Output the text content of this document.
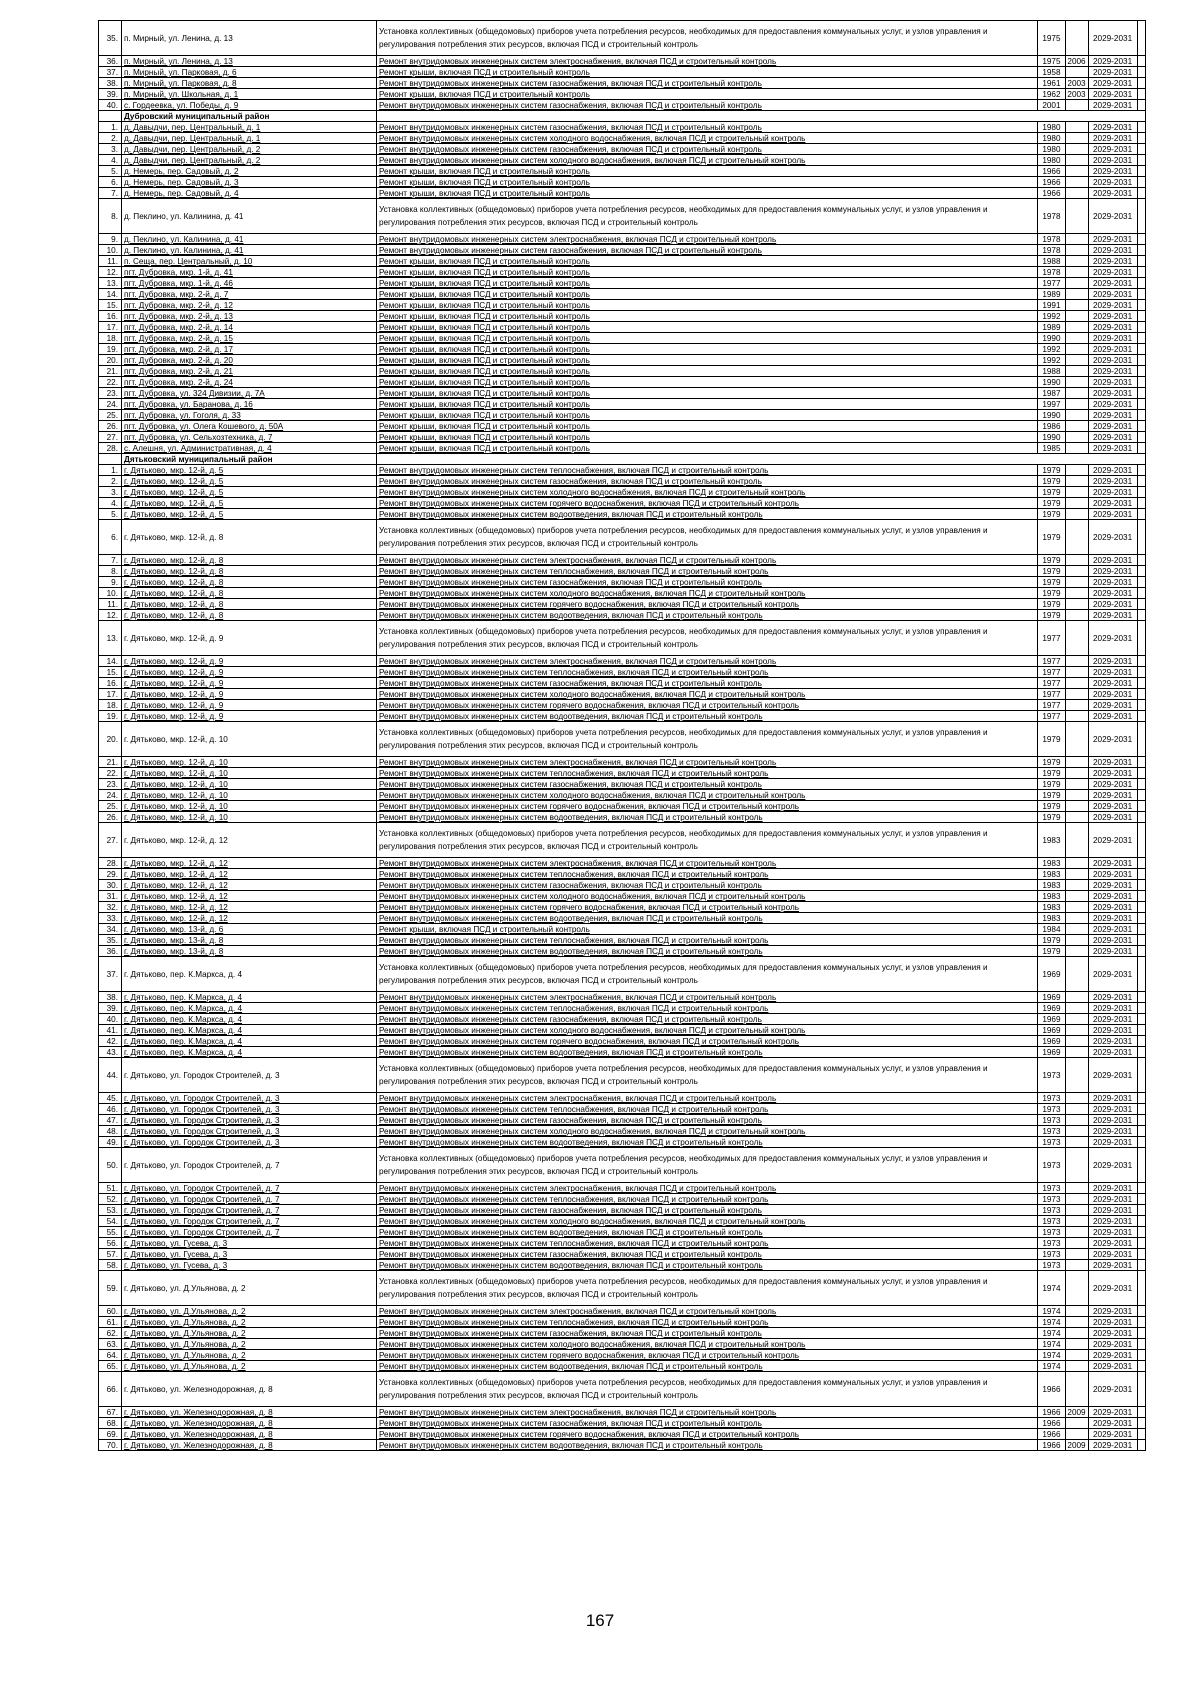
35.	п. Мирный, ул. Ленина, д. 13	Установка коллективных (общедомовых) приборов учета потребления ресурсов, необходимых для предоставления коммунальных услуг, и узлов управления и регулирования потребления этих ресурсов, включая ПСД и строительный контроль	1975		2029-2031	
36.	п. Мирный, ул. Ленина, д. 13	Ремонт внутридомовых инженерных систем электроснабжения, включая ПСД и строительный контроль	1975	2006	2029-2031	
37.	п. Мирный, ул. Парковая, д. 6	Ремонт крыши, включая ПСД и строительный контроль	1958		2029-2031	
38.	п. Мирный, ул. Парковая, д. 8	Ремонт внутридомовых инженерных систем газоснабжения, включая ПСД и строительный контроль	1961	2003	2029-2031	
39.	п. Мирный, ул. Школьная, д. 1	Ремонт крыши, включая ПСД и строительный контроль	1962	2003	2029-2031	
40.	с. Гордеевка, ул. Победы, д. 9	Ремонт внутридомовых инженерных систем газоснабжения, включая ПСД и строительный контроль	2001		2029-2031	
	Дубровский муниципальный район					
1.	д. Давыдчи, пер. Центральный, д. 1	Ремонт внутридомовых инженерных систем газоснабжения, включая ПСД и строительный контроль	1980		2029-2031	
2.	д. Давыдчи, пер. Центральный, д. 1	Ремонт внутридомовых инженерных систем холодного водоснабжения, включая ПСД и строительный контроль	1980		2029-2031	
3.	д. Давыдчи, пер. Центральный, д. 2	Ремонт внутридомовых инженерных систем газоснабжения, включая ПСД и строительный контроль	1980		2029-2031	
4.	д. Давыдчи, пер. Центральный, д. 2	Ремонт внутридомовых инженерных систем холодного водоснабжения, включая ПСД и строительный контроль	1980		2029-2031	
5.	д. Немерь, пер. Садовый, д. 2	Ремонт крыши, включая ПСД и строительный контроль	1966		2029-2031	
6.	д. Немерь, пер. Садовый, д. 3	Ремонт крыши, включая ПСД и строительный контроль	1966		2029-2031	
7.	д. Немерь, пер. Садовый, д. 4	Ремонт крыши, включая ПСД и строительный контроль	1966		2029-2031	
8.	д. Пеклино, ул. Калинина, д. 41	Установка коллективных (общедомовых) приборов учета потребления ресурсов, необходимых для предоставления коммунальных услуг, и узлов управления и регулирования потребления этих ресурсов, включая ПСД и строительный контроль	1978		2029-2031	
9.	д. Пеклино, ул. Калинина, д. 41	Ремонт внутридомовых инженерных систем электроснабжения, включая ПСД и строительный контроль	1978		2029-2031	
10.	д. Пеклино, ул. Калинина, д. 41	Ремонт внутридомовых инженерных систем газоснабжения, включая ПСД и строительный контроль	1978		2029-2031	
11.	п. Сеща, пер. Центральный, д. 10	Ремонт крыши, включая ПСД и строительный контроль	1988		2029-2031	
12.	пгт. Дубровка, мкр. 1-й, д. 41	Ремонт крыши, включая ПСД и строительный контроль	1978		2029-2031	
13.	пгт. Дубровка, мкр. 1-й, д. 46	Ремонт крыши, включая ПСД и строительный контроль	1977		2029-2031	
14.	пгт. Дубровка, мкр. 2-й, д. 7	Ремонт крыши, включая ПСД и строительный контроль	1989		2029-2031	
15.	пгт. Дубровка, мкр. 2-й, д. 12	Ремонт крыши, включая ПСД и строительный контроль	1991		2029-2031	
16.	пгт. Дубровка, мкр. 2-й, д. 13	Ремонт крыши, включая ПСД и строительный контроль	1992		2029-2031	
17.	пгт. Дубровка, мкр. 2-й, д. 14	Ремонт крыши, включая ПСД и строительный контроль	1989		2029-2031	
18.	пгт. Дубровка, мкр. 2-й, д. 15	Ремонт крыши, включая ПСД и строительный контроль	1990		2029-2031	
19.	пгт. Дубровка, мкр. 2-й, д. 17	Ремонт крыши, включая ПСД и строительный контроль	1992		2029-2031	
20.	пгт. Дубровка, мкр. 2-й, д. 20	Ремонт крыши, включая ПСД и строительный контроль	1992		2029-2031	
21.	пгт. Дубровка, мкр. 2-й, д. 21	Ремонт крыши, включая ПСД и строительный контроль	1988		2029-2031	
22.	пгт. Дубровка, мкр. 2-й, д. 24	Ремонт крыши, включая ПСД и строительный контроль	1990		2029-2031	
23.	пгт. Дубровка, ул. 324 Дивизии, д. 7А	Ремонт крыши, включая ПСД и строительный контроль	1987		2029-2031	
24.	пгт. Дубровка, ул. Баранова, д. 16	Ремонт крыши, включая ПСД и строительный контроль	1997		2029-2031	
25.	пгт. Дубровка, ул. Гоголя, д. 33	Ремонт крыши, включая ПСД и строительный контроль	1990		2029-2031	
26.	пгт. Дубровка, ул. Олега Кошевого, д. 50А	Ремонт крыши, включая ПСД и строительный контроль	1986		2029-2031	
27.	пгт. Дубровка, ул. Сельхозтехника, д. 7	Ремонт крыши, включая ПСД и строительный контроль	1990		2029-2031	
28.	с. Алешня, ул. Административная, д. 4	Ремонт крыши, включая ПСД и строительный контроль	1985		2029-2031	
	Дятьковский муниципальный район					
1.	г. Дятьково, мкр. 12-й, д. 5	Ремонт внутридомовых инженерных систем теплоснабжения, включая ПСД и строительный контроль	1979		2029-2031	
2.	г. Дятьково, мкр. 12-й, д. 5	Ремонт внутридомовых инженерных систем газоснабжения, включая ПСД и строительный контроль	1979		2029-2031	
3.	г. Дятьково, мкр. 12-й, д. 5	Ремонт внутридомовых инженерных систем холодного водоснабжения, включая ПСД и строительный контроль	1979		2029-2031	
4.	г. Дятьково, мкр. 12-й, д. 5	Ремонт внутридомовых инженерных систем горячего водоснабжения, включая ПСД и строительный контроль	1979		2029-2031	
5.	г. Дятьково, мкр. 12-й, д. 5	Ремонт внутридомовых инженерных систем водоотведения, включая ПСД и строительный контроль	1979		2029-2031	
6.	г. Дятьково, мкр. 12-й, д. 8	Установка коллективных (общедомовых) приборов учета потребления ресурсов, необходимых для предоставления коммунальных услуг, и узлов управления и регулирования потребления этих ресурсов, включая ПСД и строительный контроль	1979		2029-2031	
7.	г. Дятьково, мкр. 12-й, д. 8	Ремонт внутридомовых инженерных систем электроснабжения, включая ПСД и строительный контроль	1979		2029-2031	
8.	г. Дятьково, мкр. 12-й, д. 8	Ремонт внутридомовых инженерных систем теплоснабжения, включая ПСД и строительный контроль	1979		2029-2031	
9.	г. Дятьково, мкр. 12-й, д. 8	Ремонт внутридомовых инженерных систем газоснабжения, включая ПСД и строительный контроль	1979		2029-2031	
10.	г. Дятьково, мкр. 12-й, д. 8	Ремонт внутридомовых инженерных систем холодного водоснабжения, включая ПСД и строительный контроль	1979		2029-2031	
11.	г. Дятьково, мкр. 12-й, д. 8	Ремонт внутридомовых инженерных систем горячего водоснабжения, включая ПСД и строительный контроль	1979		2029-2031	
12.	г. Дятьково, мкр. 12-й, д. 8	Ремонт внутридомовых инженерных систем водоотведения, включая ПСД и строительный контроль	1979		2029-2031	
13.	г. Дятьково, мкр. 12-й, д. 9	Установка коллективных (общедомовых) приборов учета потребления ресурсов, необходимых для предоставления коммунальных услуг, и узлов управления и регулирования потребления этих ресурсов, включая ПСД и строительный контроль	1977		2029-2031	
14.	г. Дятьково, мкр. 12-й, д. 9	Ремонт внутридомовых инженерных систем электроснабжения, включая ПСД и строительный контроль	1977		2029-2031	
15.	г. Дятьково, мкр. 12-й, д. 9	Ремонт внутридомовых инженерных систем теплоснабжения, включая ПСД и строительный контроль	1977		2029-2031	
16.	г. Дятьково, мкр. 12-й, д. 9	Ремонт внутридомовых инженерных систем газоснабжения, включая ПСД и строительный контроль	1977		2029-2031	
17.	г. Дятьково, мкр. 12-й, д. 9	Ремонт внутридомовых инженерных систем холодного водоснабжения, включая ПСД и строительный контроль	1977		2029-2031	
18.	г. Дятьково, мкр. 12-й, д. 9	Ремонт внутридомовых инженерных систем горячего водоснабжения, включая ПСД и строительный контроль	1977		2029-2031	
19.	г. Дятьково, мкр. 12-й, д. 9	Ремонт внутридомовых инженерных систем водоотведения, включая ПСД и строительный контроль	1977		2029-2031	
20.	г. Дятьково, мкр. 12-й, д. 10	Установка коллективных (общедомовых) приборов учета потребления ресурсов, необходимых для предоставления коммунальных услуг, и узлов управления и регулирования потребления этих ресурсов, включая ПСД и строительный контроль	1979		2029-2031	
21.	г. Дятьково, мкр. 12-й, д. 10	Ремонт внутридомовых инженерных систем электроснабжения, включая ПСД и строительный контроль	1979		2029-2031	
22.	г. Дятьково, мкр. 12-й, д. 10	Ремонт внутридомовых инженерных систем теплоснабжения, включая ПСД и строительный контроль	1979		2029-2031	
23.	г. Дятьково, мкр. 12-й, д. 10	Ремонт внутридомовых инженерных систем газоснабжения, включая ПСД и строительный контроль	1979		2029-2031	
24.	г. Дятьково, мкр. 12-й, д. 10	Ремонт внутридомовых инженерных систем холодного водоснабжения, включая ПСД и строительный контроль	1979		2029-2031	
25.	г. Дятьково, мкр. 12-й, д. 10	Ремонт внутридомовых инженерных систем горячего водоснабжения, включая ПСД и строительный контроль	1979		2029-2031	
26.	г. Дятьково, мкр. 12-й, д. 10	Ремонт внутридомовых инженерных систем водоотведения, включая ПСД и строительный контроль	1979		2029-2031	
27.	г. Дятьково, мкр. 12-й, д. 12	Установка коллективных (общедомовых) приборов учета потребления ресурсов, необходимых для предоставления коммунальных услуг, и узлов управления и регулирования потребления этих ресурсов, включая ПСД и строительный контроль	1983		2029-2031	
28.	г. Дятьково, мкр. 12-й, д. 12	Ремонт внутридомовых инженерных систем электроснабжения, включая ПСД и строительный контроль	1983		2029-2031	
29.	г. Дятьково, мкр. 12-й, д. 12	Ремонт внутридомовых инженерных систем теплоснабжения, включая ПСД и строительный контроль	1983		2029-2031	
30.	г. Дятьково, мкр. 12-й, д. 12	Ремонт внутридомовых инженерных систем газоснабжения, включая ПСД и строительный контроль	1983		2029-2031	
31.	г. Дятьково, мкр. 12-й, д. 12	Ремонт внутридомовых инженерных систем холодного водоснабжения, включая ПСД и строительный контроль	1983		2029-2031	
32.	г. Дятьково, мкр. 12-й, д. 12	Ремонт внутридомовых инженерных систем горячего водоснабжения, включая ПСД и строительный контроль	1983		2029-2031	
33.	г. Дятьково, мкр. 12-й, д. 12	Ремонт внутридомовых инженерных систем водоотведения, включая ПСД и строительный контроль	1983		2029-2031	
34.	г. Дятьково, мкр. 13-й, д. 6	Ремонт крыши, включая ПСД и строительный контроль	1984		2029-2031	
35.	г. Дятьково, мкр. 13-й, д. 8	Ремонт внутридомовых инженерных систем теплоснабжения, включая ПСД и строительный контроль	1979		2029-2031	
36.	г. Дятьково, мкр. 13-й, д. 8	Ремонт внутридомовых инженерных систем водоотведения, включая ПСД и строительный контроль	1979		2029-2031	
37.	г. Дятьково, пер. К.Маркса, д. 4	Установка коллективных (общедомовых) приборов учета потребления ресурсов, необходимых для предоставления коммунальных услуг, и узлов управления и регулирования потребления этих ресурсов, включая ПСД и строительный контроль	1969		2029-2031	
38.	г. Дятьково, пер. К.Маркса, д. 4	Ремонт внутридомовых инженерных систем электроснабжения, включая ПСД и строительный контроль	1969		2029-2031	
39.	г. Дятьково, пер. К.Маркса, д. 4	Ремонт внутридомовых инженерных систем теплоснабжения, включая ПСД и строительный контроль	1969		2029-2031	
40.	г. Дятьково, пер. К.Маркса, д. 4	Ремонт внутридомовых инженерных систем газоснабжения, включая ПСД и строительный контроль	1969		2029-2031	
41.	г. Дятьково, пер. К.Маркса, д. 4	Ремонт внутридомовых инженерных систем холодного водоснабжения, включая ПСД и строительный контроль	1969		2029-2031	
42.	г. Дятьково, пер. К.Маркса, д. 4	Ремонт внутридомовых инженерных систем горячего водоснабжения, включая ПСД и строительный контроль	1969		2029-2031	
43.	г. Дятьково, пер. К.Маркса, д. 4	Ремонт внутридомовых инженерных систем водоотведения, включая ПСД и строительный контроль	1969		2029-2031	
44.	г. Дятьково, ул. Городок Строителей, д. 3	Установка коллективных (общедомовых) приборов учета потребления ресурсов, необходимых для предоставления коммунальных услуг, и узлов управления и регулирования потребления этих ресурсов, включая ПСД и строительный контроль	1973		2029-2031	
45.	г. Дятьково, ул. Городок Строителей, д. 3	Ремонт внутридомовых инженерных систем электроснабжения, включая ПСД и строительный контроль	1973		2029-2031	
46.	г. Дятьково, ул. Городок Строителей, д. 3	Ремонт внутридомовых инженерных систем теплоснабжения, включая ПСД и строительный контроль	1973		2029-2031	
47.	г. Дятьково, ул. Городок Строителей, д. 3	Ремонт внутридомовых инженерных систем газоснабжения, включая ПСД и строительный контроль	1973		2029-2031	
48.	г. Дятьково, ул. Городок Строителей, д. 3	Ремонт внутридомовых инженерных систем холодного водоснабжения, включая ПСД и строительный контроль	1973		2029-2031	
49.	г. Дятьково, ул. Городок Строителей, д. 3	Ремонт внутридомовых инженерных систем водоотведения, включая ПСД и строительный контроль	1973		2029-2031	
50.	г. Дятьково, ул. Городок Строителей, д. 7	Установка коллективных (общедомовых) приборов учета потребления ресурсов, необходимых для предоставления коммунальных услуг, и узлов управления и регулирования потребления этих ресурсов, включая ПСД и строительный контроль	1973		2029-2031	
51.	г. Дятьково, ул. Городок Строителей, д. 7	Ремонт внутридомовых инженерных систем электроснабжения, включая ПСД и строительный контроль	1973		2029-2031	
52.	г. Дятьково, ул. Городок Строителей, д. 7	Ремонт внутридомовых инженерных систем теплоснабжения, включая ПСД и строительный контроль	1973		2029-2031	
53.	г. Дятьково, ул. Городок Строителей, д. 7	Ремонт внутридомовых инженерных систем газоснабжения, включая ПСД и строительный контроль	1973		2029-2031	
54.	г. Дятьково, ул. Городок Строителей, д. 7	Ремонт внутридомовых инженерных систем холодного водоснабжения, включая ПСД и строительный контроль	1973		2029-2031	
55.	г. Дятьково, ул. Городок Строителей, д. 7	Ремонт внутридомовых инженерных систем водоотведения, включая ПСД и строительный контроль	1973		2029-2031	
56.	г. Дятьково, ул. Гусева, д. 3	Ремонт внутридомовых инженерных систем теплоснабжения, включая ПСД и строительный контроль	1973		2029-2031	
57.	г. Дятьково, ул. Гусева, д. 3	Ремонт внутридомовых инженерных систем газоснабжения, включая ПСД и строительный контроль	1973		2029-2031	
58.	г. Дятьково, ул. Гусева, д. 3	Ремонт внутридомовых инженерных систем водоотведения, включая ПСД и строительный контроль	1973		2029-2031	
59.	г. Дятьково, ул. Д.Ульянова, д. 2	Установка коллективных (общедомовых) приборов учета потребления ресурсов, необходимых для предоставления коммунальных услуг, и узлов управления и регулирования потребления этих ресурсов, включая ПСД и строительный контроль	1974		2029-2031	
60.	г. Дятьково, ул. Д.Ульянова, д. 2	Ремонт внутридомовых инженерных систем электроснабжения, включая ПСД и строительный контроль	1974		2029-2031	
61.	г. Дятьково, ул. Д.Ульянова, д. 2	Ремонт внутридомовых инженерных систем теплоснабжения, включая ПСД и строительный контроль	1974		2029-2031	
62.	г. Дятьково, ул. Д.Ульянова, д. 2	Ремонт внутридомовых инженерных систем газоснабжения, включая ПСД и строительный контроль	1974		2029-2031	
63.	г. Дятьково, ул. Д.Ульянова, д. 2	Ремонт внутридомовых инженерных систем холодного водоснабжения, включая ПСД и строительный контроль	1974		2029-2031	
64.	г. Дятьково, ул. Д.Ульянова, д. 2	Ремонт внутридомовых инженерных систем горячего водоснабжения, включая ПСД и строительный контроль	1974		2029-2031	
65.	г. Дятьково, ул. Д.Ульянова, д. 2	Ремонт внутридомовых инженерных систем водоотведения, включая ПСД и строительный контроль	1974		2029-2031	
66.	г. Дятьково, ул. Железнодорожная, д. 8	Установка коллективных (общедомовых) приборов учета потребления ресурсов, необходимых для предоставления коммунальных услуг, и узлов управления и регулирования потребления этих ресурсов, включая ПСД и строительный контроль	1966		2029-2031	
67.	г. Дятьково, ул. Железнодорожная, д. 8	Ремонт внутридомовых инженерных систем электроснабжения, включая ПСД и строительный контроль	1966	2009	2029-2031	
68.	г. Дятьково, ул. Железнодорожная, д. 8	Ремонт внутридомовых инженерных систем газоснабжения, включая ПСД и строительный контроль	1966		2029-2031	
69.	г. Дятьково, ул. Железнодорожная, д. 8	Ремонт внутридомовых инженерных систем горячего водоснабжения, включая ПСД и строительный контроль	1966		2029-2031	
70.	г. Дятьково, ул. Железнодорожная, д. 8	Ремонт внутридомовых инженерных систем водоотведения, включая ПСД и строительный контроль	1966	2009	2029-2031	
167
